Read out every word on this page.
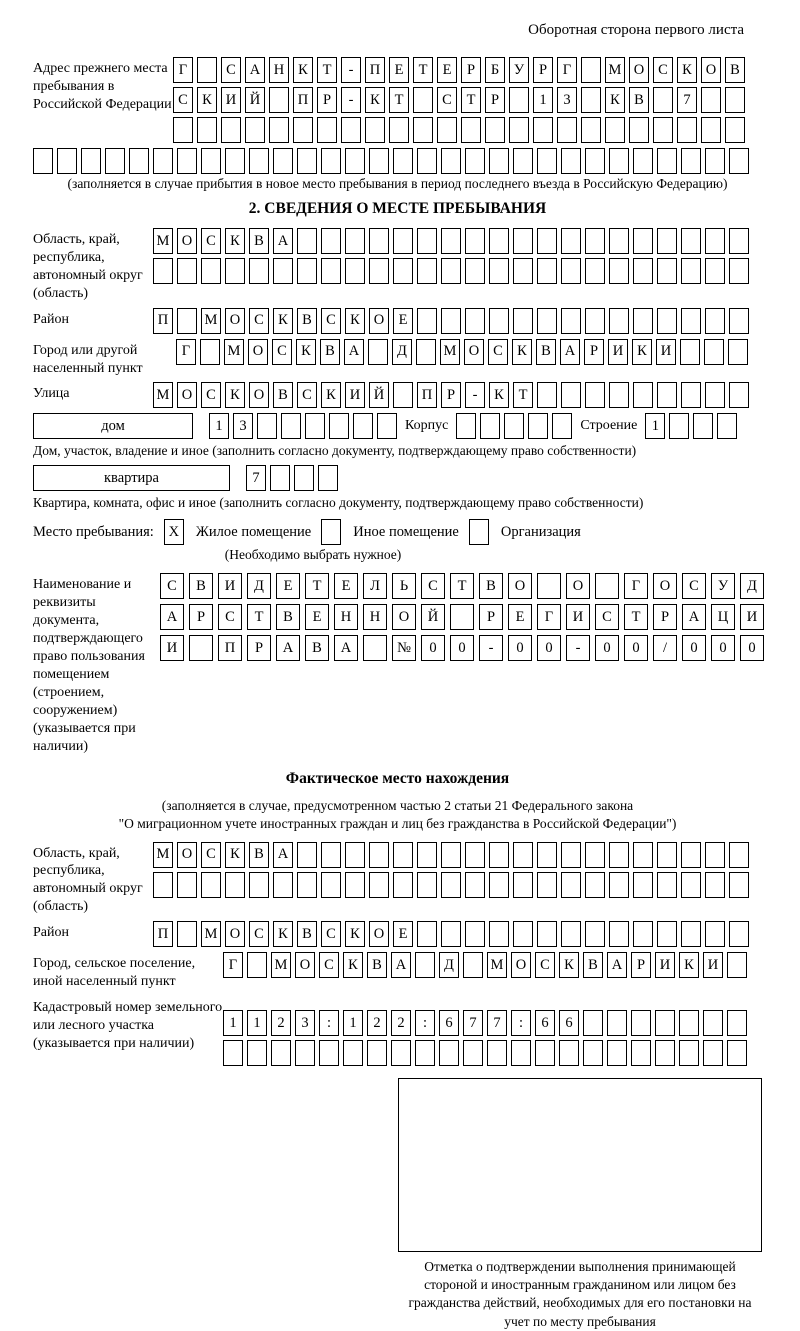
Оборотная сторона первого листа
Адрес прежнего места пребывания в Российской Федерации
Г	С А Н К	Т	-	П Е	Т	Е	Р	Б	У	Р	Г	М О С К О В
С К И Й	П	Р	-	К	Т	С	Т	Р	1	3	К В	7
(заполняется в случае прибытия в новое место пребывания в период последнего въезда в Российскую Федерацию)
2. СВЕДЕНИЯ О МЕСТЕ ПРЕБЫВАНИЯ
Область, край, республика, автономный округ (область)
М О С К В А
Район	П	М О С К В С К О Е
Город или другой населенный пункт
Г	М О С К В А	Д	М О С К В А	Р	И К И
Улица	М О С К О В С К И Й	П	Р	-	К	Т
дом	1	3	Корпус	Строение 1
Дом, участок, владение и иное (заполнить согласно документу, подтверждающему право собственности)
квартира	7
Квартира, комната, офис и иное (заполнить согласно документу, подтверждающему право собственности)
Место пребывания:	X	Жилое помещение	Иное помещение	Организация
(Необходимо выбрать нужное)
Наименование и реквизиты документа, подтверждающего право пользования помещением (строением, сооружением) (указывается при наличии)
С	В	И	Д	Е	Т	Е	Л	Ь	С	Т	В	О	О	Г	О	С	У	Д
А	Р	С	Т	В	Е	Н	Н	О	Й	Р	Е	Г	И	С	Т	Р	А	Ц	И
И	П	Р	А	В	А	№	0	0	-	0	0	-	0	0	/	0	0	0
Фактическое место нахождения
(заполняется в случае, предусмотренном частью 2 статьи 21 Федерального закона
"О миграционном учете иностранных граждан и лиц без гражданства в Российской Федерации")
Область, край, республика, автономный округ (область)
М О С К В А
Район	П	М О С К В С К О Е
Город, сельское поселение, иной населенный пункт
Г	М О С К В А	Д	М О С К В А	Р	И К И
Кадастровый номер земельного или лесного участка (указывается при наличии)
1	1	2	3	:	1	2	2	:	6	7	7	:	6	6
Отметка о подтверждении выполнения принимающей стороной и иностранным гражданином или лицом без гражданства действий, необходимых для его постановки на учет по месту пребывания
